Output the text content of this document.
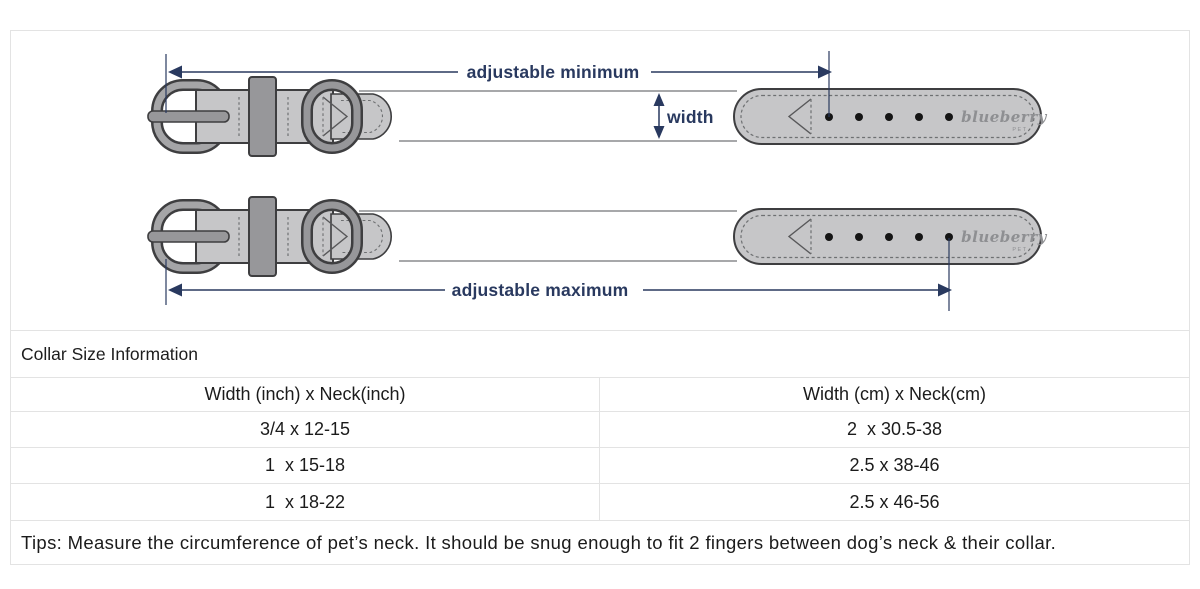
adjustable minimum
width
adjustable maximum
Collar Size Information
Width (inch) x Neck(inch)	Width (cm) x Neck(cm)
3/4 x 12-15	2  x 30.5-38
1  x 15-18	2.5 x 38-46
1  x 18-22	2.5 x 46-56
Tips: Measure the circumference of pet’s neck. It should be snug enough to fit 2 fingers between dog’s neck & their collar.
